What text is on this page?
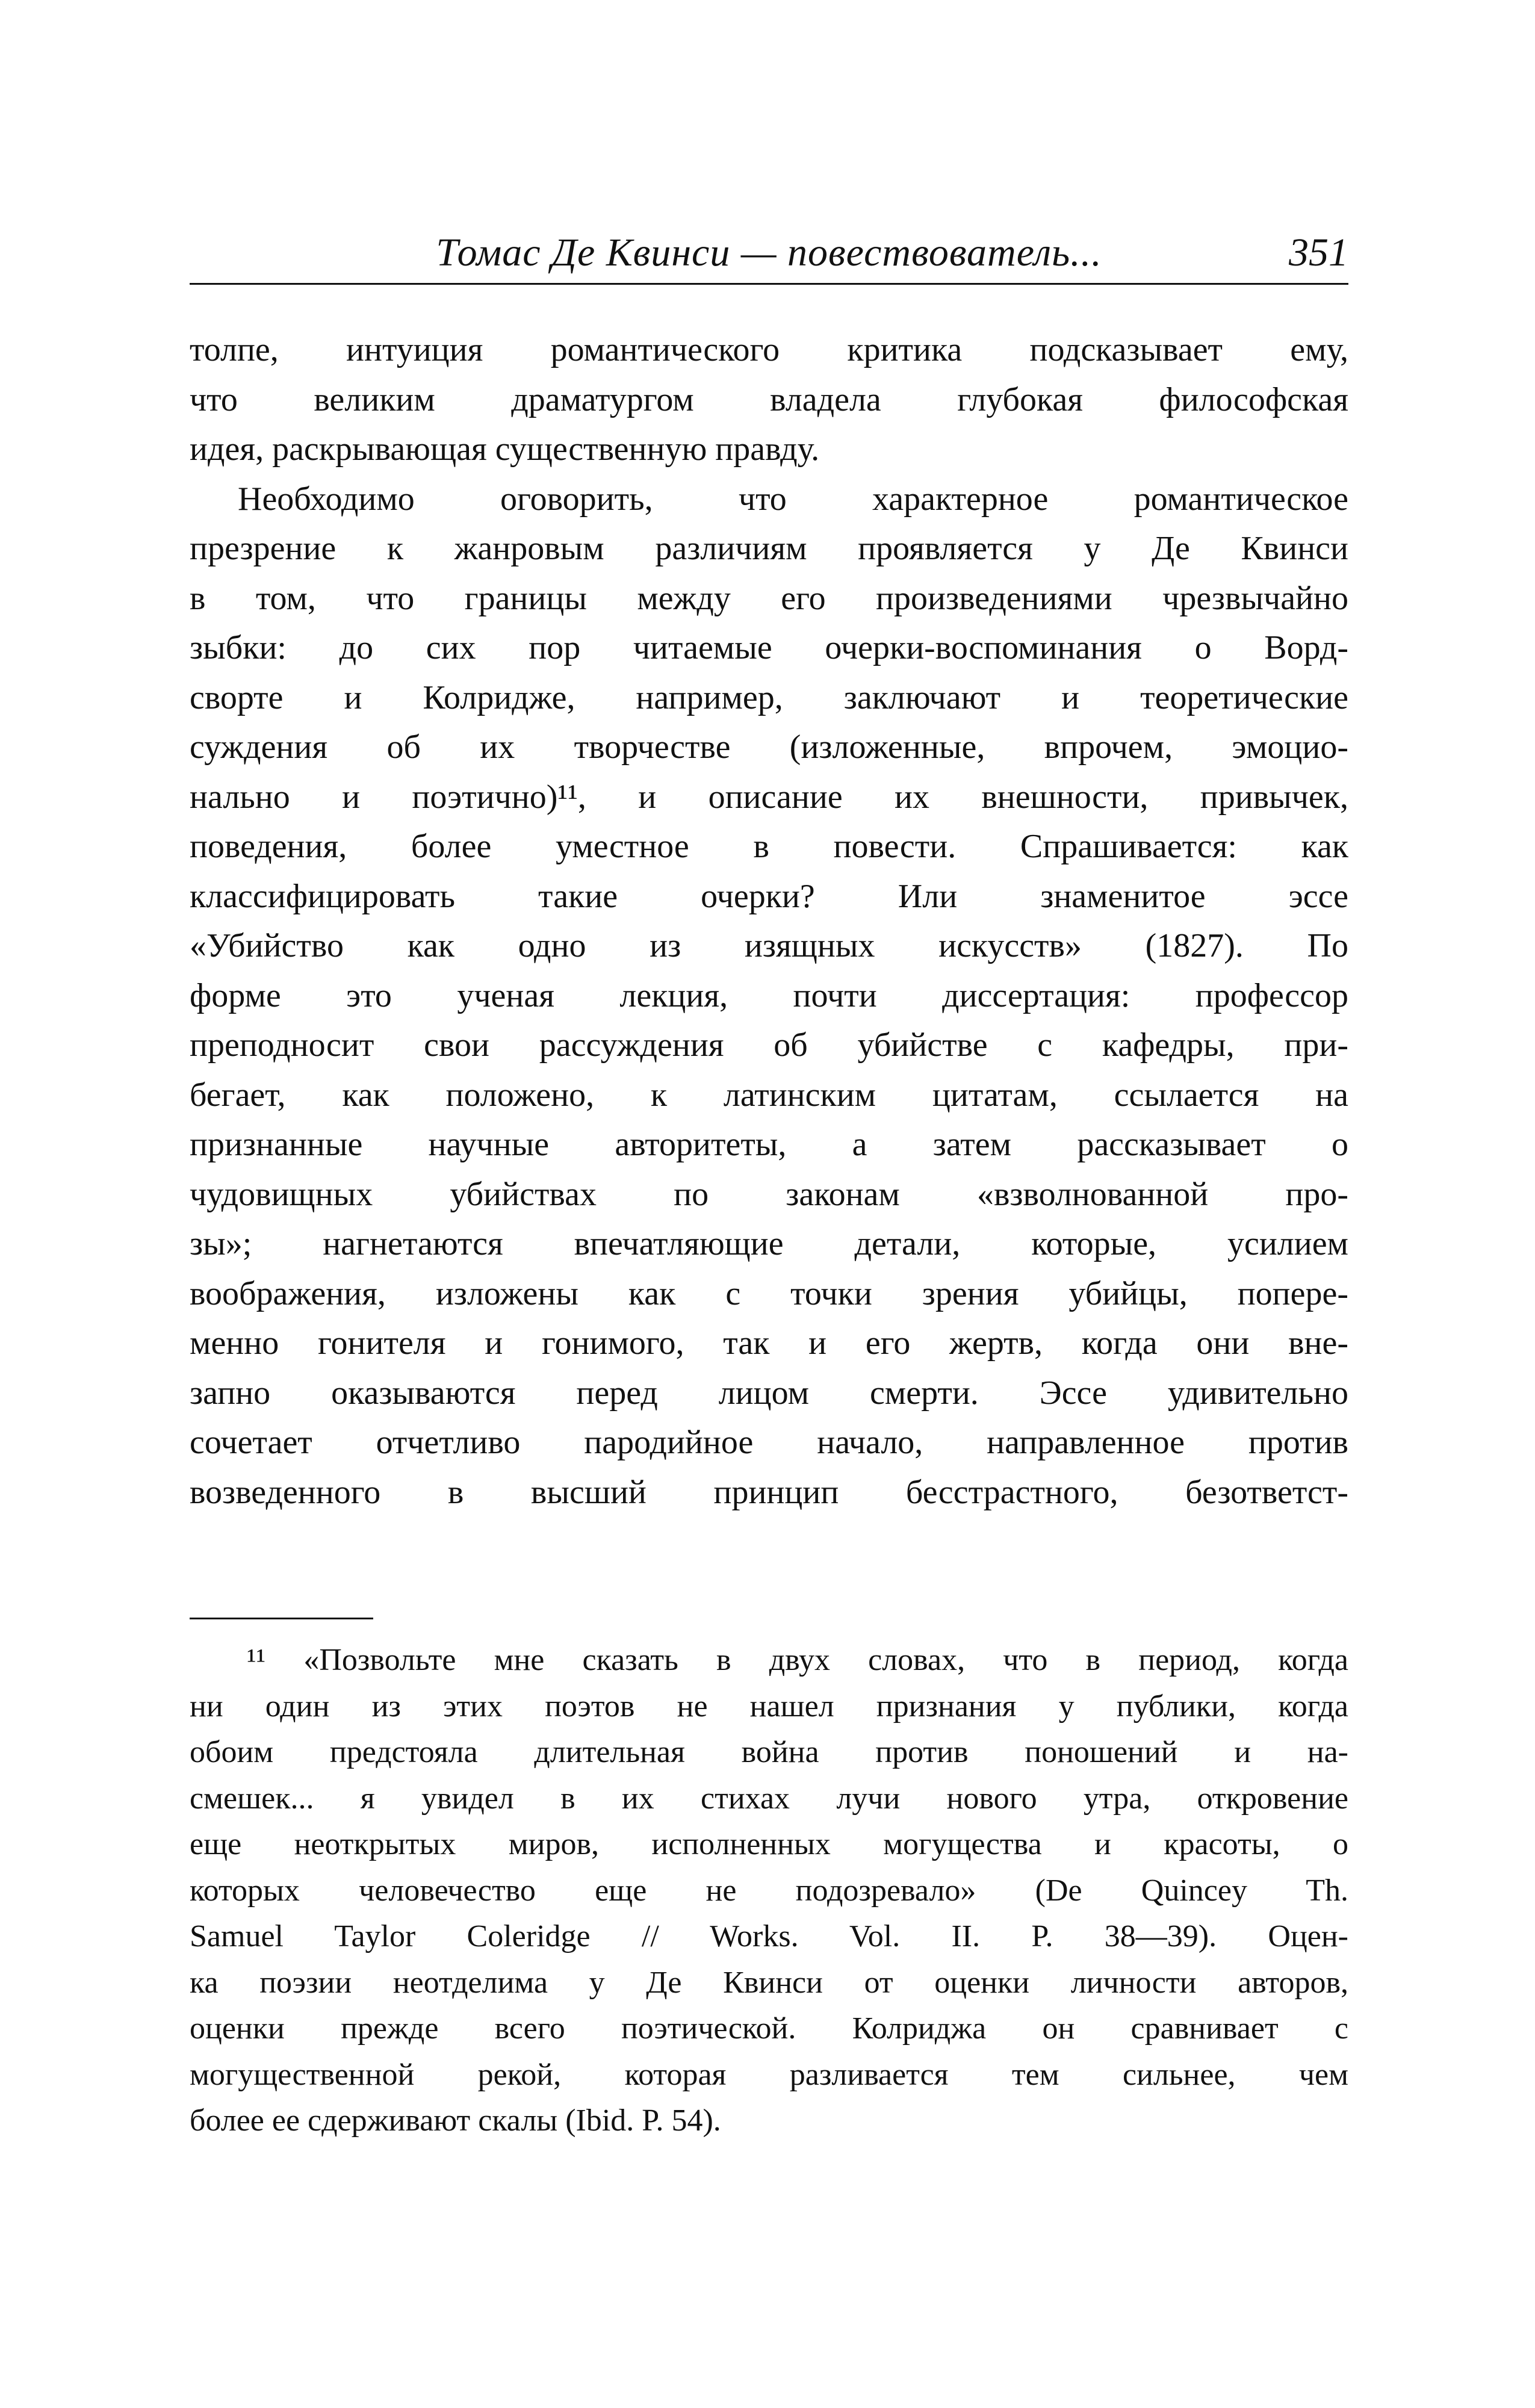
Томас Де Квинси — повествователь...	351
толпе, интуиция романтического критика подсказывает ему,
что великим драматургом владела глубокая философская
идея, раскрывающая существенную правду.
Необходимо оговорить, что характерное романтическое
презрение к жанровым различиям проявляется у Де Квинси
в том, что границы между его произведениями чрезвычайно
зыбки: до сих пор читаемые очерки-воспоминания о Ворд-
сворте и Колридже, например, заключают и теоретические
суждения об их творчестве (изложенные, впрочем, эмоцио-
нально и поэтично)¹¹, и описание их внешности, привычек,
поведения, более уместное в повести. Спрашивается: как
классифицировать такие очерки? Или знаменитое эссе
«Убийство как одно из изящных искусств» (1827). По
форме это ученая лекция, почти диссертация: профессор
преподносит свои рассуждения об убийстве с кафедры, при-
бегает, как положено, к латинским цитатам, ссылается на
признанные научные авторитеты, а затем рассказывает о
чудовищных убийствах по законам «взволнованной про-
зы»; нагнетаются впечатляющие детали, которые, усилием
воображения, изложены как с точки зрения убийцы, попере-
менно гонителя и гонимого, так и его жертв, когда они вне-
запно оказываются перед лицом смерти. Эссе удивительно
сочетает отчетливо пародийное начало, направленное против
возведенного в высший принцип бесстрастного, безответст-
¹¹ «Позвольте мне сказать в двух словах, что в период, когда
ни один из этих поэтов не нашел признания у публики, когда
обоим предстояла длительная война против поношений и на-
смешек... я увидел в их стихах лучи нового утра, откровение
еще неоткрытых миров, исполненных могущества и красоты, о
которых человечество еще не подозревало» (De Quincey Th.
Samuel Taylor Coleridge // Works. Vol. II. P. 38—39). Оцен-
ка поэзии неотделима у Де Квинси от оценки личности авторов,
оценки прежде всего поэтической. Колриджа он сравнивает с
могущественной рекой, которая разливается тем сильнее, чем
более ее сдерживают скалы (Ibid. P. 54).
